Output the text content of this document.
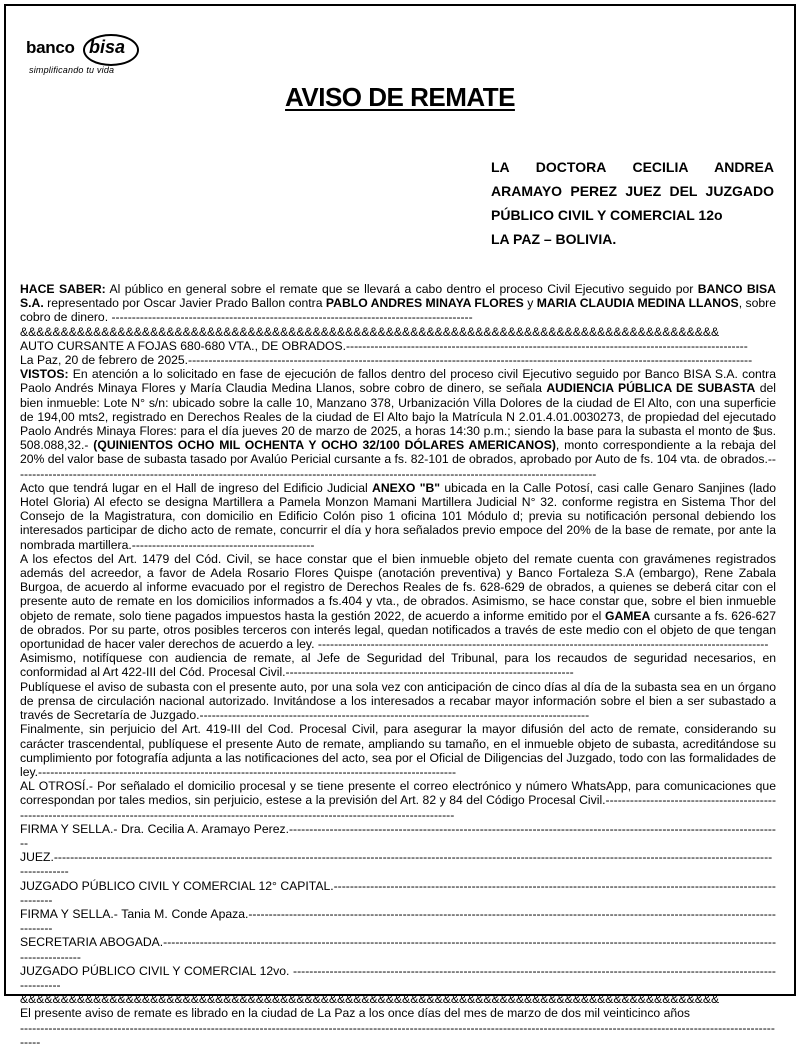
banco bisa
simplificando tu vida
AVISO DE REMATE
LA DOCTORA CECILIA ANDREA
ARAMAYO PEREZ JUEZ DEL JUZGADO
PÚBLICO CIVIL Y COMERCIAL 12o
LA PAZ – BOLIVIA.

HACE SABER: Al público en general sobre el remate que se llevará a cabo dentro el proceso Civil Ejecutivo seguido por BANCO BISA S.A. representado por Oscar Javier Prado Ballon contra PABLO ANDRES MINAYA FLORES y MARIA CLAUDIA MEDINA LLANOS, sobre cobro de dinero. -----------------------------------------------------------------------------------------

&&&&&&&&&&&&&&&&&&&&&&&&&&&&&&&&&&&&&&&&&&&&&&&&&&&&&&&&&&&&&&&&&&&&&&&&&&&&&&&&&&&&&&

AUTO CURSANTE A FOJAS 680-680 VTA., DE OBRADOS.---------------------------------------------------------------------------------------------------

La Paz, 20 de febrero de 2025.-------------------------------------------------------------------------------------------------------------------------------------------

VISTOS: En atención a lo solicitado en fase de ejecución de fallos dentro del proceso civil Ejecutivo seguido por Banco BISA S.A. contra Paolo Andrés Minaya Flores y María Claudia Medina Llanos, sobre cobro de dinero, se señala AUDIENCIA PÚBLICA DE SUBASTA del bien inmueble: Lote N° s/n: ubicado sobre la calle 10, Manzano 378, Urbanización Villa Dolores de la ciudad de El Alto, con una superficie de 194,00 mts2, registrado en Derechos Reales de la ciudad de El Alto bajo la Matrícula N 2.01.4.01.0030273, de propiedad del ejecutado Paolo Andrés Minaya Flores: para el día jueves 20 de marzo de 2025, a horas 14:30 p.m.; siendo la base para la subasta el monto de $us. 508.088,32.- (QUINIENTOS OCHO MIL OCHENTA Y OCHO 32/100 DÓLARES AMERICANOS), monto correspondiente a la rebaja del 20% del valor base de subasta tasado por Avalúo Pericial cursante a fs. 82-101 de obrados, aprobado por Auto de fs. 104 vta. de obrados.------------------------------------------------------------------------------------------------------------------------------------------------

Acto que tendrá lugar en el Hall de ingreso del Edificio Judicial ANEXO "B" ubicada en la Calle Potosí, casi calle Genaro Sanjines (lado Hotel Gloria) Al efecto se designa Martillera a Pamela Monzon Mamani Martillera Judicial N° 32. conforme registra en Sistema Thor del Consejo de la Magistratura, con domicilio en Edificio Colón piso 1 oficina 101 Módulo d; previa su notificación personal debiendo los interesados participar de dicho acto de remate, concurrir el día y hora señalados previo empoce del 20% de la base de remate, por ante la nombrada martillera.---------------------------------------------

A los efectos del Art. 1479 del Cód. Civil, se hace constar que el bien inmueble objeto del remate cuenta con gravámenes registrados además del acreedor, a favor de Adela Rosario Flores Quispe (anotación preventiva) y Banco Fortaleza S.A (embargo), Rene Zabala Burgoa, de acuerdo al informe evacuado por el registro de Derechos Reales de fs. 628-629 de obrados, a quienes se deberá citar con el presente auto de remate en los domicilios informados a fs.404 y vta., de obrados. Asimismo, se hace constar que, sobre el bien inmueble objeto de remate, solo tiene pagados impuestos hasta la gestión 2022, de acuerdo a informe emitido por el GAMEA cursante a fs. 626-627 de obrados. Por su parte, otros posibles terceros con interés legal, quedan notificados a través de este medio con el objeto de que tengan oportunidad de hacer valer derechos de acuerdo a ley. ---------------------------------------------------------------------------------------------------------------

Asimismo, notifíquese con audiencia de remate, al Jefe de Seguridad del Tribunal, para los recaudos de seguridad necesarios, en conformidad al Art 422-III del Cód. Procesal Civil.-----------------------------------------------------------------------

Publíquese el aviso de subasta con el presente auto, por una sola vez con anticipación de cinco días al día de la subasta sea en un órgano de prensa de circulación nacional autorizado. Invitándose a los interesados a recabar mayor información sobre el bien a ser subastado a través de Secretaría de Juzgado.------------------------------------------------------------------------------------------------

Finalmente, sin perjuicio del Art. 419-III del Cod. Procesal Civil, para asegurar la mayor difusión del acto de remate, considerando su carácter trascendental, publíquese el presente Auto de remate, ampliando su tamaño, en el inmueble objeto de subasta, acreditándose su cumplimiento por fotografía adjunta a las notificaciones del acto, sea por el Oficial de Diligencias del Juzgado, todo con las formalidades de ley.-------------------------------------------------------------------------------------------------------

AL OTROSÍ.- Por señalado el domicilio procesal y se tiene presente el correo electrónico y número WhatsApp, para comunicaciones que correspondan por tales medios, sin perjuicio, estese a la previsión del Art. 82 y 84 del Código Procesal Civil.-----------------------------------------------------------------------------------------------------------------------------------------------------

FIRMA Y SELLA.- Dra. Cecilia A. Aramayo Perez.--------------------------------------------------------------------------------------------------------------------------

JUEZ.---------------------------------------------------------------------------------------------------------------------------------------------------------------------------------------------

JUZGADO PÚBLICO CIVIL Y COMERCIAL 12° CAPITAL.---------------------------------------------------------------------------------------------------------------------

FIRMA Y SELLA.- Tania M. Conde Apaza.------------------------------------------------------------------------------------------------------------------------------------------

SECRETARIA ABOGADA.----------------------------------------------------------------------------------------------------------------------------------------------------------------------

JUZGADO PÚBLICO CIVIL Y COMERCIAL 12vo. ---------------------------------------------------------------------------------------------------------------------------------

&&&&&&&&&&&&&&&&&&&&&&&&&&&&&&&&&&&&&&&&&&&&&&&&&&&&&&&&&&&&&&&&&&&&&&&&&&&&&&&&&&&&&&

El presente aviso de remate es librado en la ciudad de La Paz a los once días del mes de marzo de dos mil veinticinco años

-----------------------------------------------------------------------------------------------------------------------------------------------------------------------------------------------
